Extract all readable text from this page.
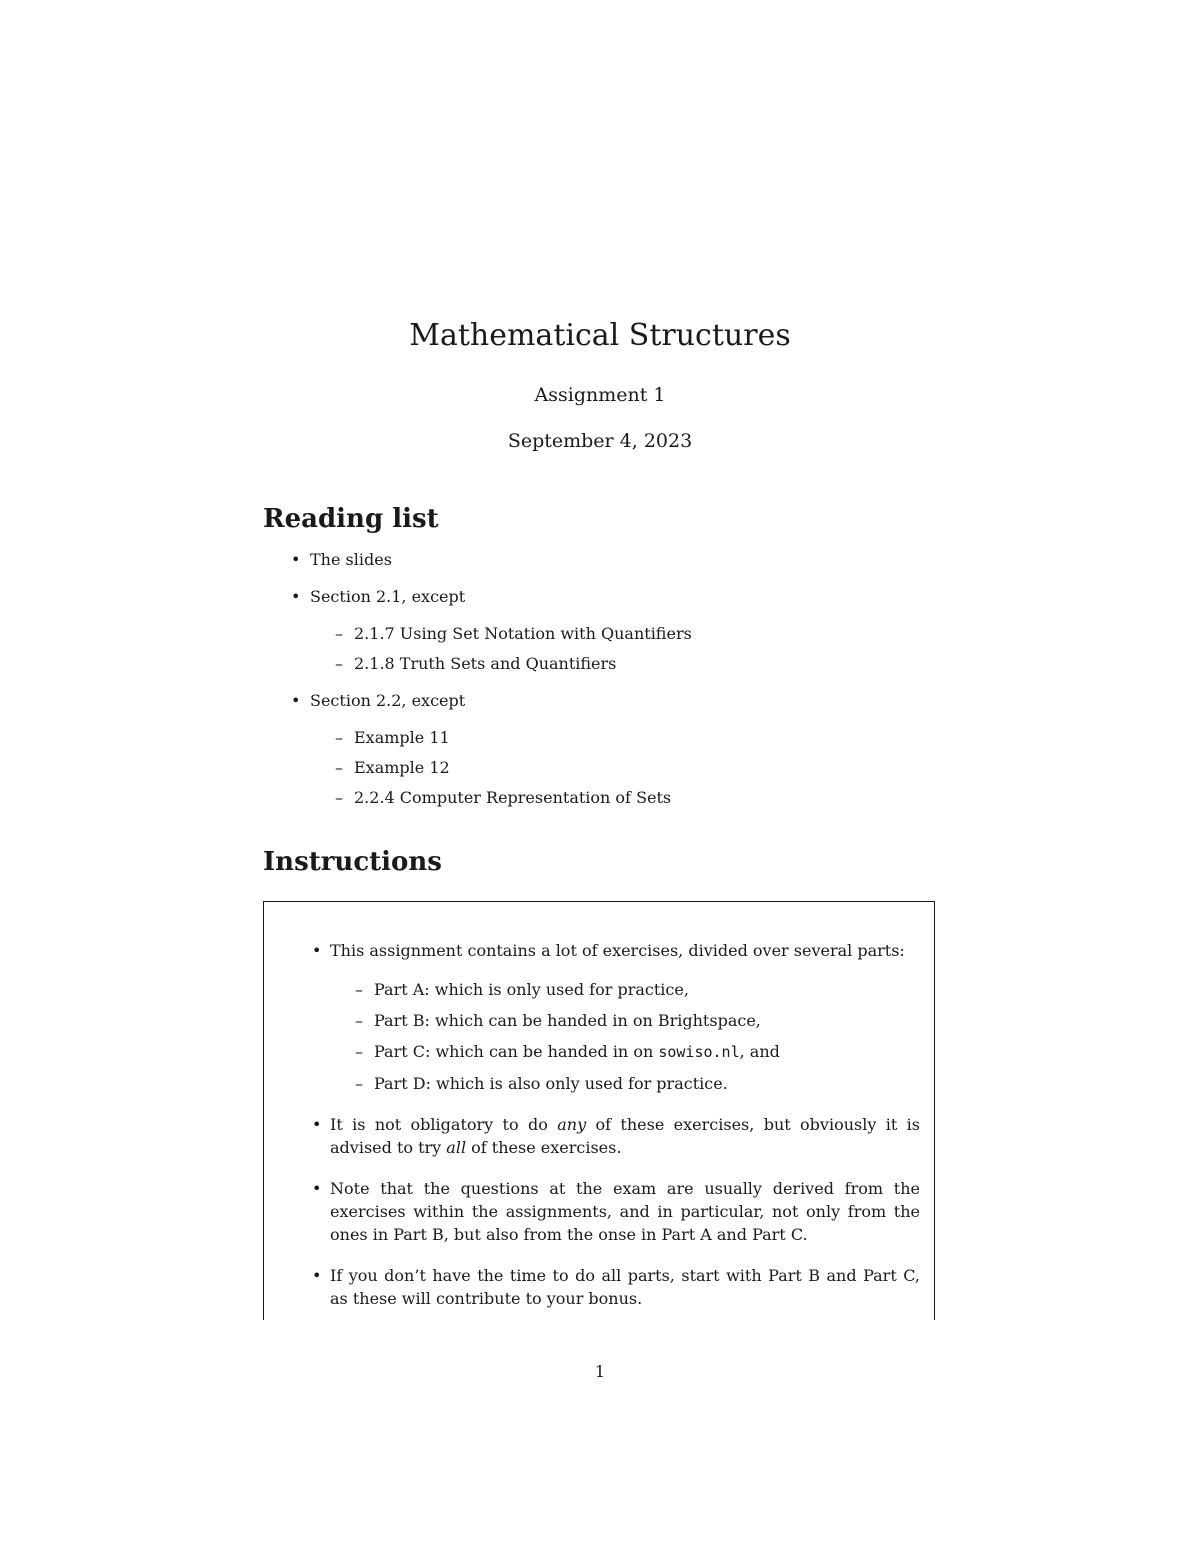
Mathematical Structures
Assignment 1
September 4, 2023
Reading list
• The slides
• Section 2.1, except
– 2.1.7 Using Set Notation with Quantifiers
– 2.1.8 Truth Sets and Quantifiers
• Section 2.2, except
– Example 11
– Example 12
– 2.2.4 Computer Representation of Sets
Instructions
• This assignment contains a lot of exercises, divided over several parts:
– Part A: which is only used for practice,
– Part B: which can be handed in on Brightspace,
– Part C: which can be handed in on sowiso.nl, and
– Part D: which is also only used for practice.
• It is not obligatory to do any of these exercises, but obviously it is advised to try all of these exercises.
• Note that the questions at the exam are usually derived from the exercises within the assignments, and in particular, not only from the ones in Part B, but also from the onse in Part A and Part C.
• If you don’t have the time to do all parts, start with Part B and Part C, as these will contribute to your bonus.
1
